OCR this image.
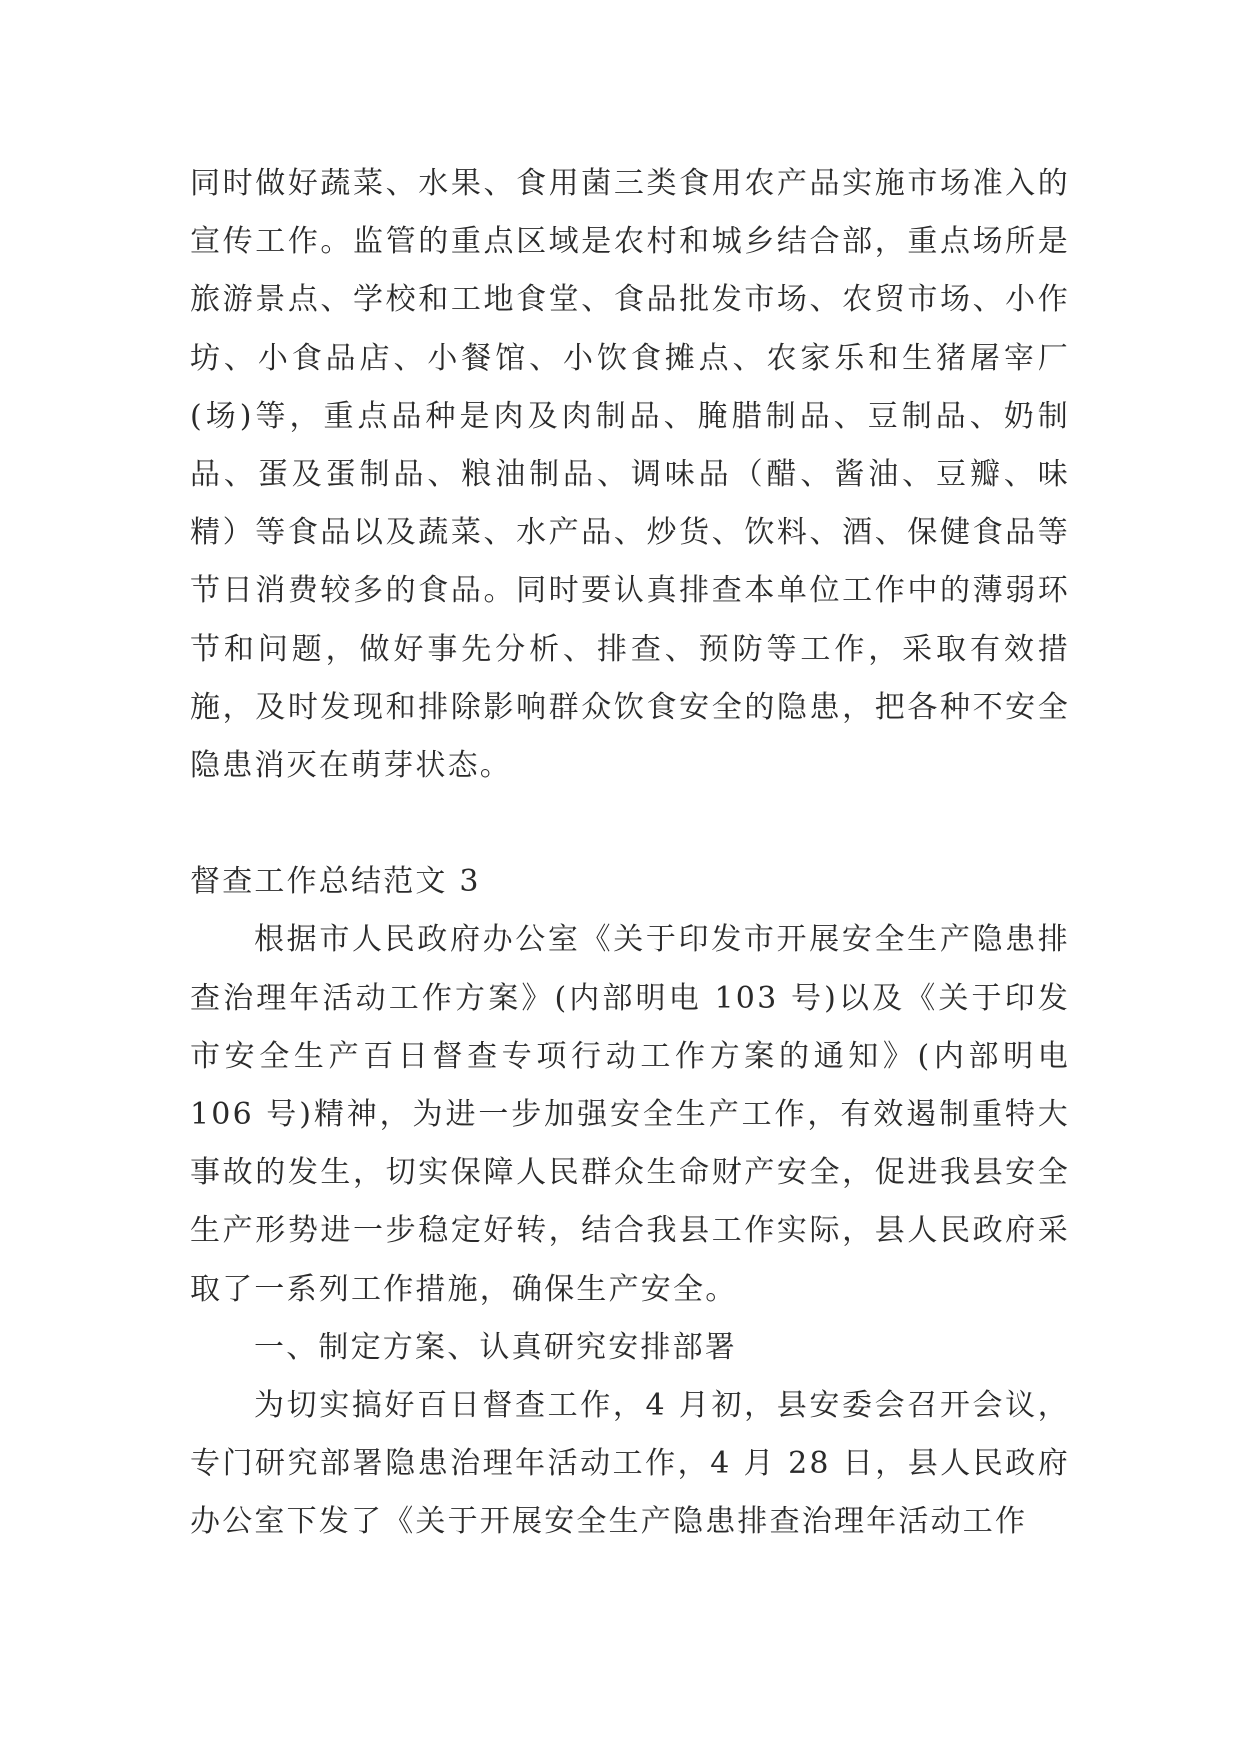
同时做好蔬菜、水果、食用菌三类食用农产品实施市场准入的宣传工作。监管的重点区域是农村和城乡结合部，重点场所是旅游景点、学校和工地食堂、食品批发市场、农贸市场、小作坊、小食品店、小餐馆、小饮食摊点、农家乐和生猪屠宰厂(场)等，重点品种是肉及肉制品、腌腊制品、豆制品、奶制品、蛋及蛋制品、粮油制品、调味品（醋、酱油、豆瓣、味精）等食品以及蔬菜、水产品、炒货、饮料、酒、保健食品等节日消费较多的食品。同时要认真排查本单位工作中的薄弱环节和问题，做好事先分析、排查、预防等工作，采取有效措施，及时发现和排除影响群众饮食安全的隐患，把各种不安全隐患消灭在萌芽状态。

督查工作总结范文 3

根据市人民政府办公室《关于印发市开展安全生产隐患排查治理年活动工作方案》(内部明电 103 号)以及《关于印发市安全生产百日督查专项行动工作方案的通知》(内部明电 106 号)精神，为进一步加强安全生产工作，有效遏制重特大事故的发生，切实保障人民群众生命财产安全，促进我县安全生产形势进一步稳定好转，结合我县工作实际，县人民政府采取了一系列工作措施，确保生产安全。

一、制定方案、认真研究安排部署

为切实搞好百日督查工作，4 月初，县安委会召开会议，专门研究部署隐患治理年活动工作，4 月 28 日，县人民政府办公室下发了《关于开展安全生产隐患排查治理年活动工作
